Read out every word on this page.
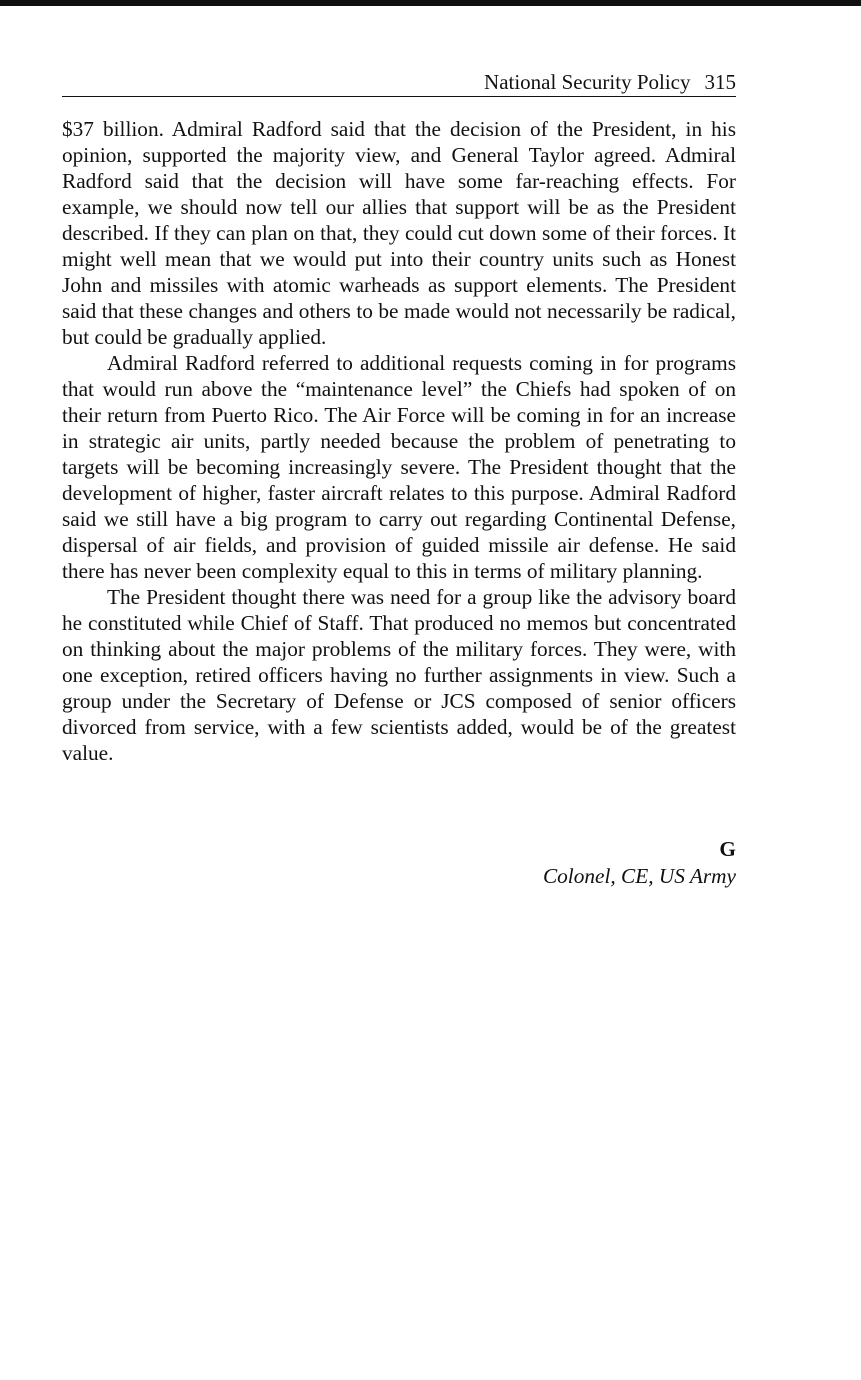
National Security Policy 315

$37 billion. Admiral Radford said that the decision of the President, in his opinion, supported the majority view, and General Taylor agreed. Admiral Radford said that the decision will have some far-reaching effects. For example, we should now tell our allies that support will be as the President described. If they can plan on that, they could cut down some of their forces. It might well mean that we would put into their country units such as Honest John and missiles with atomic warheads as support elements. The President said that these changes and others to be made would not necessarily be radical, but could be gradually applied.

Admiral Radford referred to additional requests coming in for programs that would run above the “maintenance level” the Chiefs had spoken of on their return from Puerto Rico. The Air Force will be coming in for an increase in strategic air units, partly needed because the problem of penetrating to targets will be becoming increasingly severe. The President thought that the development of higher, faster aircraft relates to this purpose. Admiral Radford said we still have a big program to carry out regarding Continental Defense, dispersal of air fields, and provision of guided missile air defense. He said there has never been complexity equal to this in terms of military planning.

The President thought there was need for a group like the advisory board he constituted while Chief of Staff. That produced no memos but concentrated on thinking about the major problems of the military forces. They were, with one exception, retired officers having no further assignments in view. Such a group under the Secretary of Defense or JCS composed of senior officers divorced from service, with a few scientists added, would be of the greatest value.

G
Colonel, CE, US Army
